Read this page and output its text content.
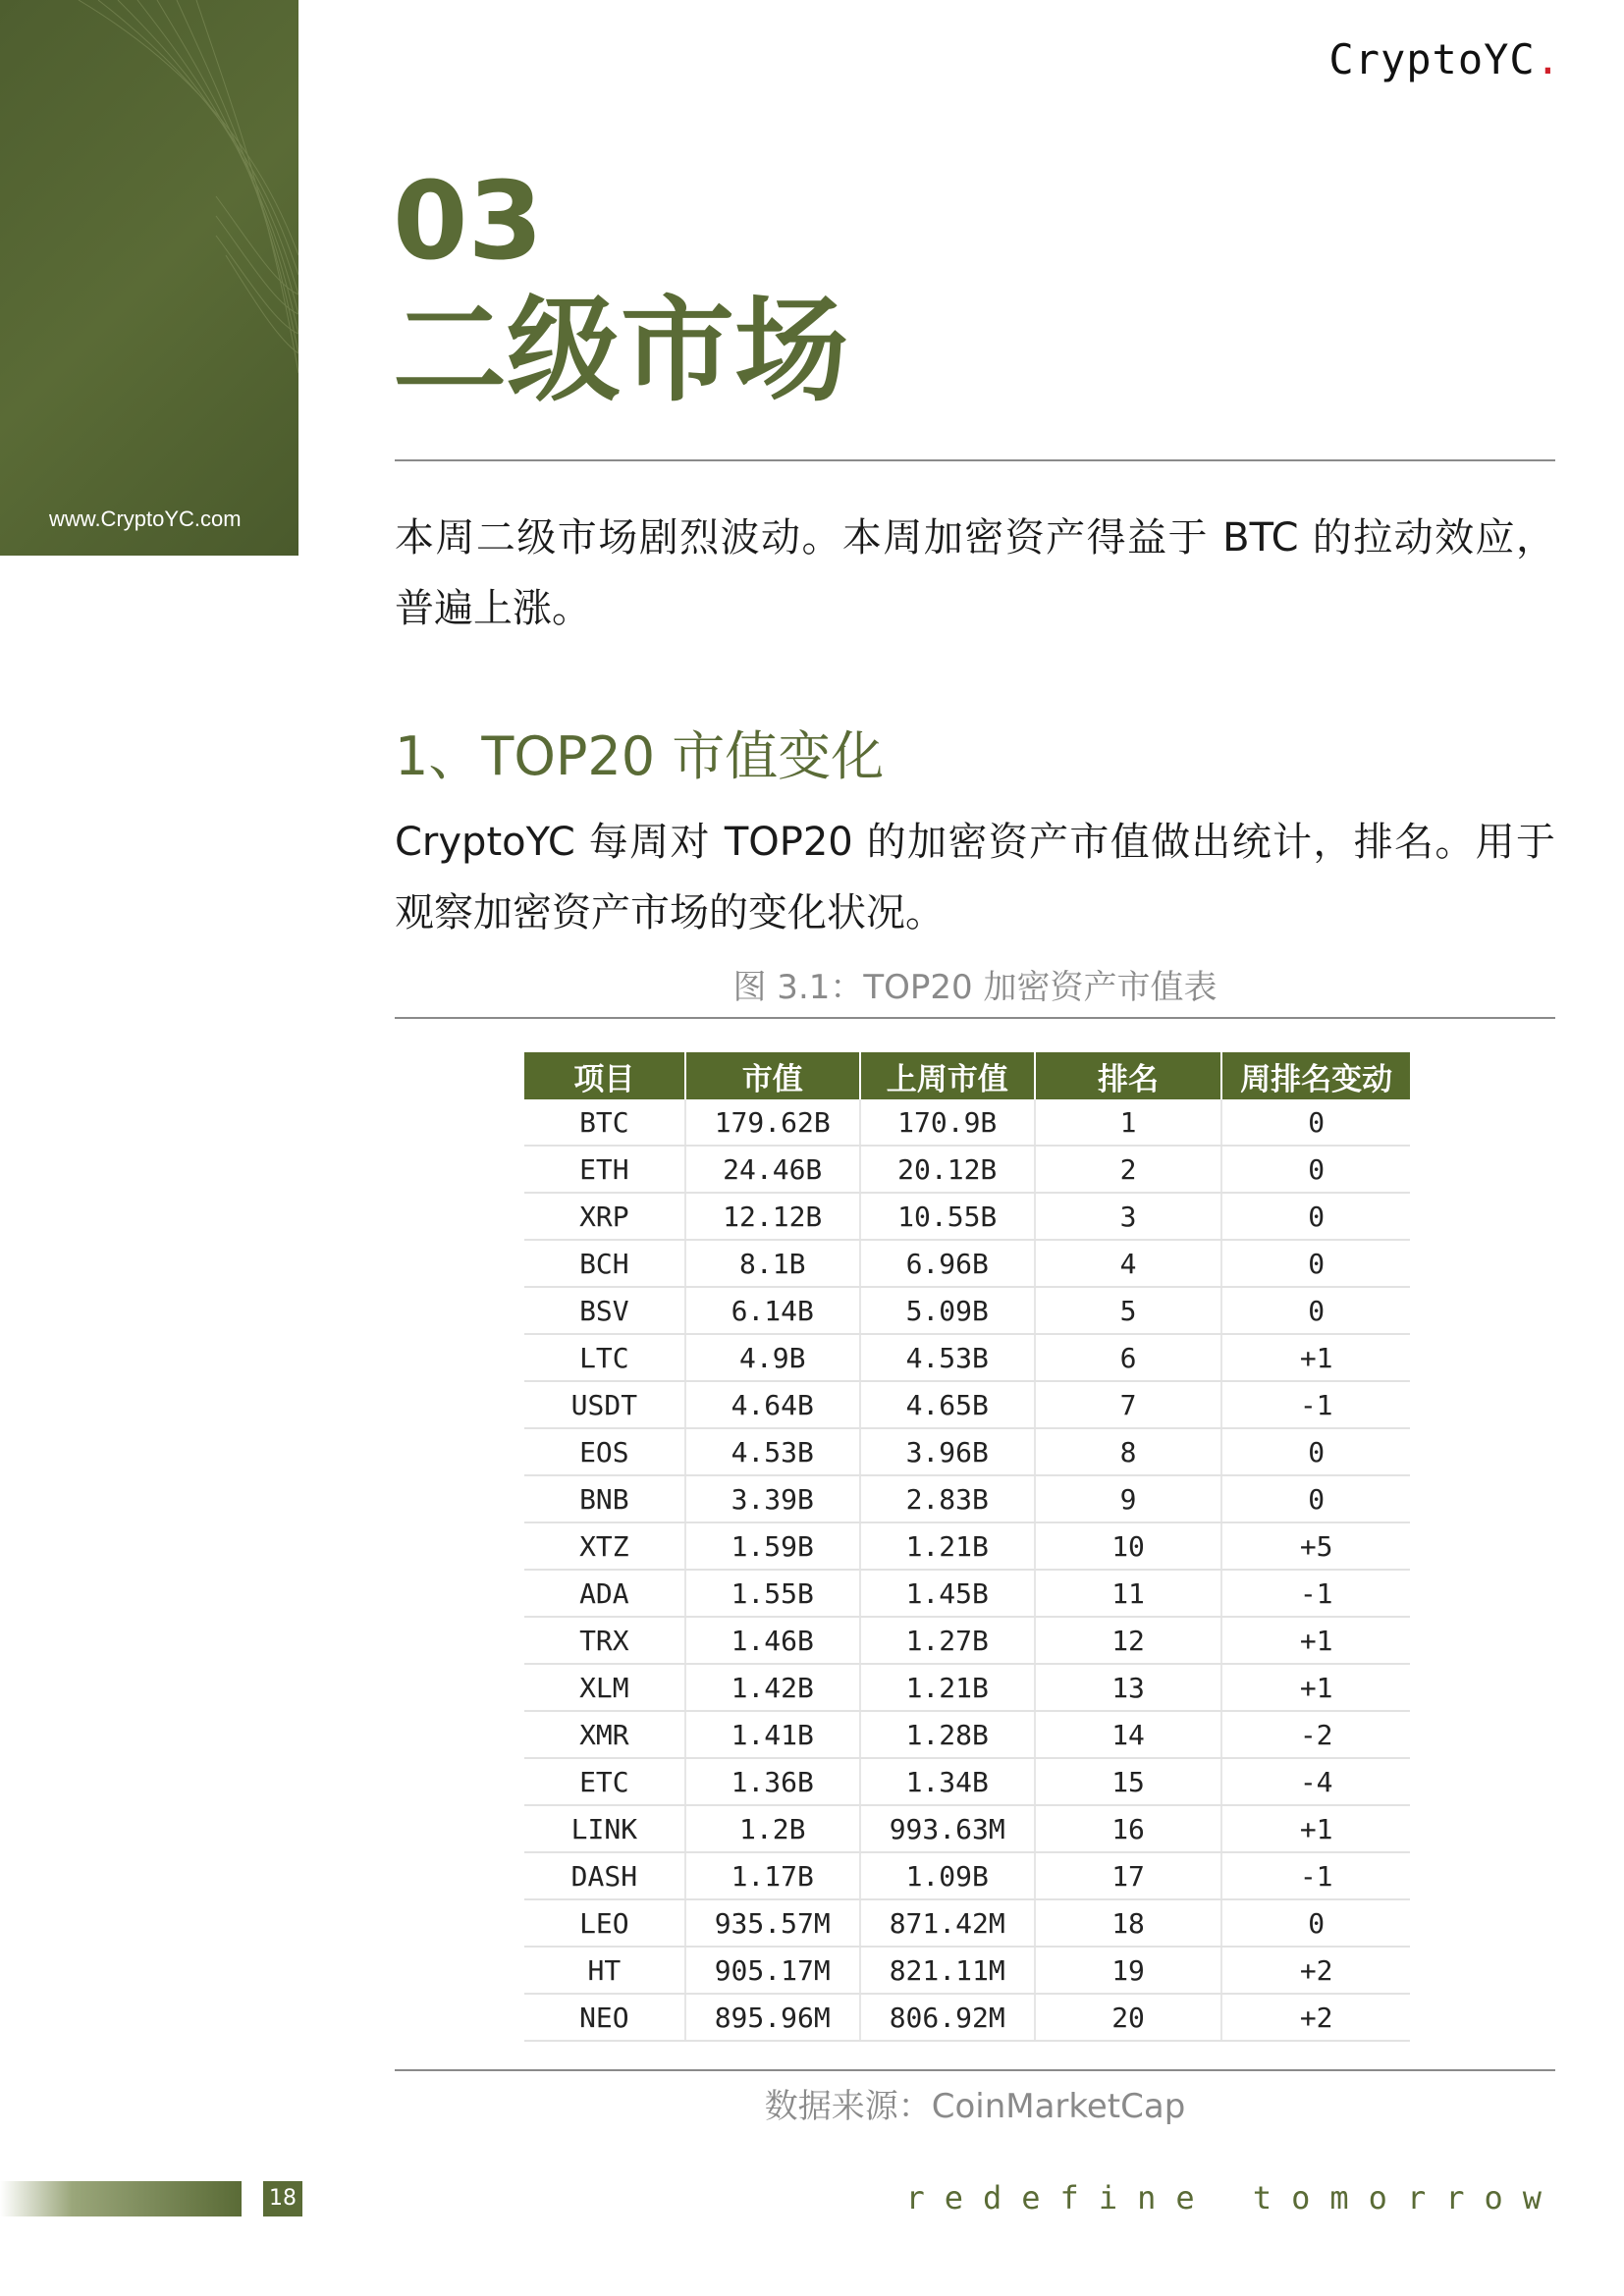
www.CryptoYC.com
CryptoYC.
03
二级市场
本周二级市场剧烈波动。本周加密资产得益于 BTC 的拉动效应，普遍上涨。
1、TOP20 市值变化
CryptoYC 每周对 TOP20 的加密资产市值做出统计，排名。用于观察加密资产市场的变化状况。
图 3.1：TOP20 加密资产市值表
项目	市值	上周市值	排名	周排名变动
BTC	179.62B	170.9B	1	0
ETH	24.46B	20.12B	2	0
XRP	12.12B	10.55B	3	0
BCH	8.1B	6.96B	4	0
BSV	6.14B	5.09B	5	0
LTC	4.9B	4.53B	6	+1
USDT	4.64B	4.65B	7	-1
EOS	4.53B	3.96B	8	0
BNB	3.39B	2.83B	9	0
XTZ	1.59B	1.21B	10	+5
ADA	1.55B	1.45B	11	-1
TRX	1.46B	1.27B	12	+1
XLM	1.42B	1.21B	13	+1
XMR	1.41B	1.28B	14	-2
ETC	1.36B	1.34B	15	-4
LINK	1.2B	993.63M	16	+1
DASH	1.17B	1.09B	17	-1
LEO	935.57M	871.42M	18	0
HT	905.17M	821.11M	19	+2
NEO	895.96M	806.92M	20	+2
数据来源：CoinMarketCap
18	redefine tomorrow
